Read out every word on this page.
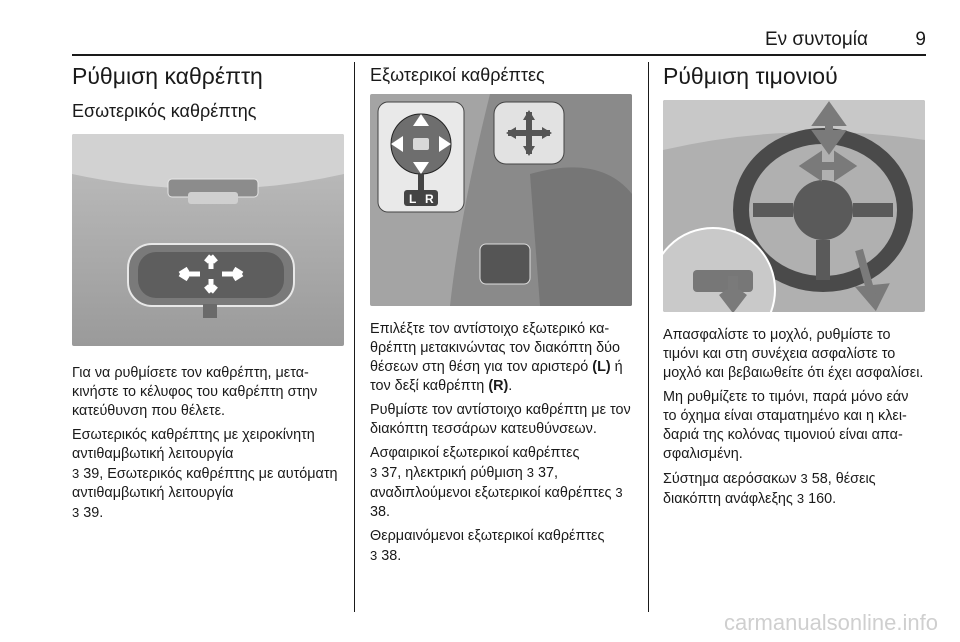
Εν συντομία 9
Ρύθμιση καθρέπτη
Εσωτερικός καθρέπτης

Για να ρυθμίσετε τον καθρέπτη, μετακινήστε το κέλυφος του καθρέπτη στην κατεύθυνση που θέλετε.

Εσωτερικός καθρέπτης με χειροκίνητη αντιθαμβωτική λειτουργία
3 39, Εσωτερικός καθρέπτης με αυτόματη αντιθαμβωτική λειτουργία
3 39.

Εξωτερικοί καθρέπτες
L R

Επιλέξτε τον αντίστοιχο εξωτερικό καθρέπτη μετακινώντας τον διακόπτη δύο θέσεων στη θέση για τον αριστερό (L) ή τον δεξί καθρέπτη (R).

Ρυθμίστε τον αντίστοιχο καθρέπτη με τον διακόπτη τεσσάρων κατευθύνσεων.

Ασφαιρικοί εξωτερικοί καθρέπτες
3 37, ηλεκτρική ρύθμιση 3 37, αναδιπλούμενοι εξωτερικοί καθρέπτες 3 38.

Θερμαινόμενοι εξωτερικοί καθρέπτες
3 38.

Ρύθμιση τιμονιού

Απασφαλίστε το μοχλό, ρυθμίστε το τιμόνι και στη συνέχεια ασφαλίστε το μοχλό και βεβαιωθείτε ότι έχει ασφαλίσει.

Μη ρυθμίζετε το τιμόνι, παρά μόνο εάν το όχημα είναι σταματημένο και η κλειδαριά της κολόνας τιμονιού είναι απασφαλισμένη.

Σύστημα αερόσακων 3 58, θέσεις διακόπτη ανάφλεξης 3 160.

carmanualsonline.info
